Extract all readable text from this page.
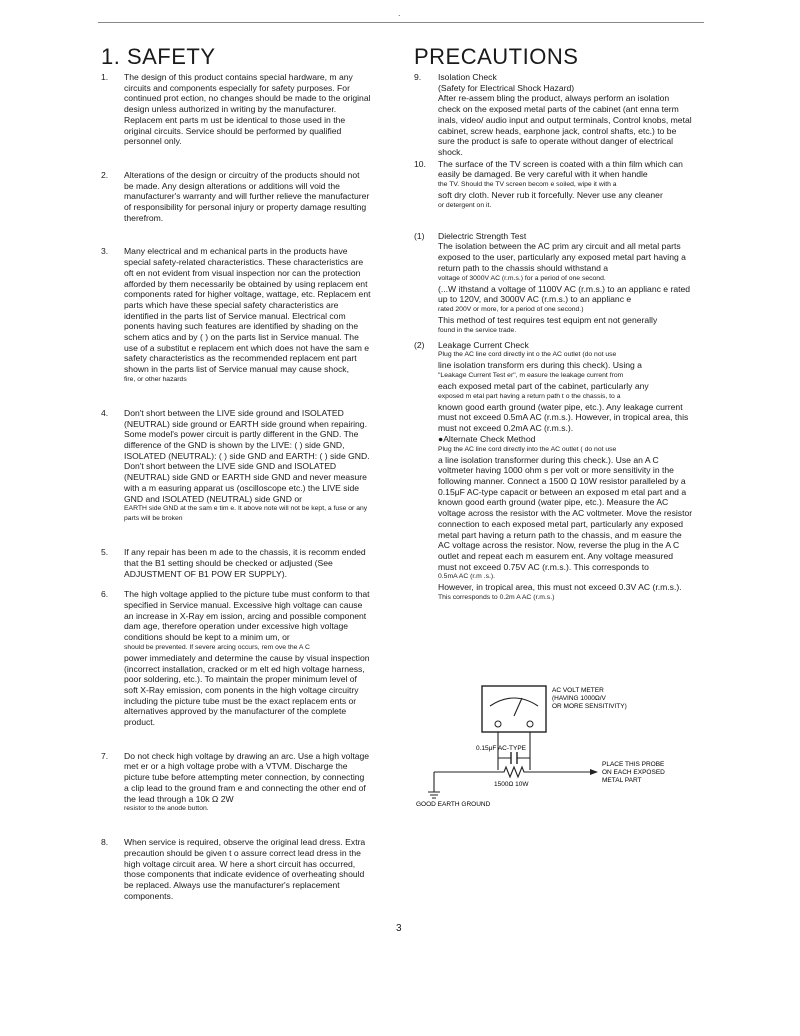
.
1. SAFETY	PRECAUTIONS
1. The design of this product contains special hardware, m any circuits and components especially for safety purposes. For continued prot ection, no changes should be made to the original design unless authorized in writing by the manufacturer. Replacem ent parts m ust be identical to those used in the original circuits. Service should be performed by qualified personnel only.

2. Alterations of the design or circuitry of the products should not be made. Any design alterations or additions will void the manufacturer's warranty and will further relieve the manufacturer of responsibility for personal injury or property damage resulting therefrom.

3. Many electrical and m echanical parts in the products have special safety-related characteristics. These characteristics are oft en not evident from visual inspection nor can the protection afforded by them necessarily be obtained by using replacem ent components rated for higher voltage, wattage, etc. Replacem ent parts which have these special safety characteristics are identified in the parts list of Service manual. Electrical com ponents having such features are identified by shading on the schem atics and by ( ) on the parts list in Service manual. The use of a substitut e replacem ent which does not have the sam e safety characteristics as the recommended replacem ent part shown in the parts list of Service manual may cause shock,

fire, or other hazards

4. Don't short between the LIVE side ground and ISOLATED (NEUTRAL) side ground or EARTH side ground when repairing. Some model's power circuit is partly different in the GND. The difference of the GND is shown by the LIVE: ( ) side GND, ISOLATED (NEUTRAL): ( ) side GND and EARTH: ( ) side GND. Don't short between the LIVE side GND and ISOLATED (NEUTRAL) side GND or EARTH side GND and never measure with a m easuring apparat us (oscilloscope etc.) the LIVE side GND and ISOLATED (NEUTRAL) side GND or

EARTH side GND at the sam e tim e. It above note will not be kept, a fuse or any parts will be broken

5. If any repair has been m ade to the chassis, it is recomm ended that the B1 setting should be checked or adjusted (See ADJUSTMENT OF B1 POW ER SUPPLY).

6. The high voltage applied to the picture tube must conform to that specified in Service manual. Excessive high voltage can cause an increase in X-Ray em ission, arcing and possible component dam age, therefore operation under excessive high voltage conditions should be kept to a minim um, or

should be prevented. If severe arcing occurs, rem ove the A C

power immediately and determine the cause by visual inspection (incorrect installation, cracked or m elt ed high voltage harness, poor soldering, etc.). To maintain the proper minimum level of soft X-Ray emission, com ponents in the high voltage circuitry including the picture tube must be the exact replacem ents or alternatives approved by the manufacturer of the complete product.

7. Do not check high voltage by drawing an arc. Use a high voltage met er or a high voltage probe with a VTVM. Discharge the picture tube before attempting meter connection, by connecting a clip lead to the ground fram e and connecting the other end of the lead through a 10k Ω 2W

resistor to the anode button.

8. When service is required, observe the original lead dress. Extra precaution should be given t o assure correct lead dress in the high voltage circuit area. W here a short circuit has occurred, those components that indicate evidence of overheating should be replaced. Always use the manufacturer's replacement components.

9. Isolation Check

(Safety for Electrical Shock Hazard)

After re-assem bling the product, always perform an isolation check on the exposed metal parts of the cabinet (ant enna term inals, video/ audio input and output terminals, Control knobs, metal cabinet, screw heads, earphone jack, control shafts, etc.) to be sure the product is safe to operate without danger of electrical shock.

10. The surface of the TV screen is coated with a thin film which can easily be damaged. Be very careful with it when handle

the TV. Should the TV screen becom e soiled, wipe it with a

soft dry cloth. Never rub it forcefully. Never use any cleaner

or detergent on it.

(1) Dielectric Strength Test

The isolation between the AC prim ary circuit and all metal parts exposed to the user, particularly any exposed metal part having a return path to the chassis should withstand a

voltage of 3000V AC (r.m.s.) for a period of one second.

(...W ithstand a voltage of 1100V AC (r.m.s.) to an applianc e rated up to 120V, and 3000V AC (r.m.s.) to an applianc e

rated 200V or more, for a period of one second.)

This method of test requires test equipm ent not generally

found in the service trade.

(2) Leakage Current Check

Plug the AC line cord directly int o the AC outlet (do not use

line isolation transform ers during this check). Using a

"Leakage Current Test er", m easure the leakage current from

each exposed metal part of the cabinet, particularly any

exposed m etal part having a return path t o the chassis, to a

known good earth ground (water pipe, etc.). Any leakage current must not exceed 0.5mA AC (r.m.s.). However, in tropical area, this must not exceed 0.2mA AC (r.m.s.).

●Alternate Check Method

Plug the AC line cord directly into the AC outlet ( do not use

a line isolation transformer during this check.). Use an A C voltmeter having 1000 ohm s per volt or more sensitivity in the following manner. Connect a 1500 Ω 10W resistor paralleled by a 0.15μF AC-type capacit or between an exposed m etal part and a known good earth ground (water pipe, etc.). Measure the AC voltage across the resistor with the AC voltmeter. Move the resistor connection to each exposed metal part, particularly any exposed metal part having a return path to the chassis, and m easure the AC voltage across the resistor. Now, reverse the plug in the A C outlet and repeat each m easurem ent. Any voltage measured must not exceed 0.75V AC (r.m.s.). This corresponds to

0.5mA AC (r.m .s.).

However, in tropical area, this must not exceed 0.3V AC (r.m.s.).

This corresponds to 0.2m A AC (r.m.s.)

AC VOLT METER
(HAVING 1000Ω/V
OR MORE SENSITIVITY)
0.15μF AC-TYPE
1500Ω 10W
GOOD EARTH GROUND
PLACE THIS PROBE
ON EACH EXPOSED
METAL PART
3
